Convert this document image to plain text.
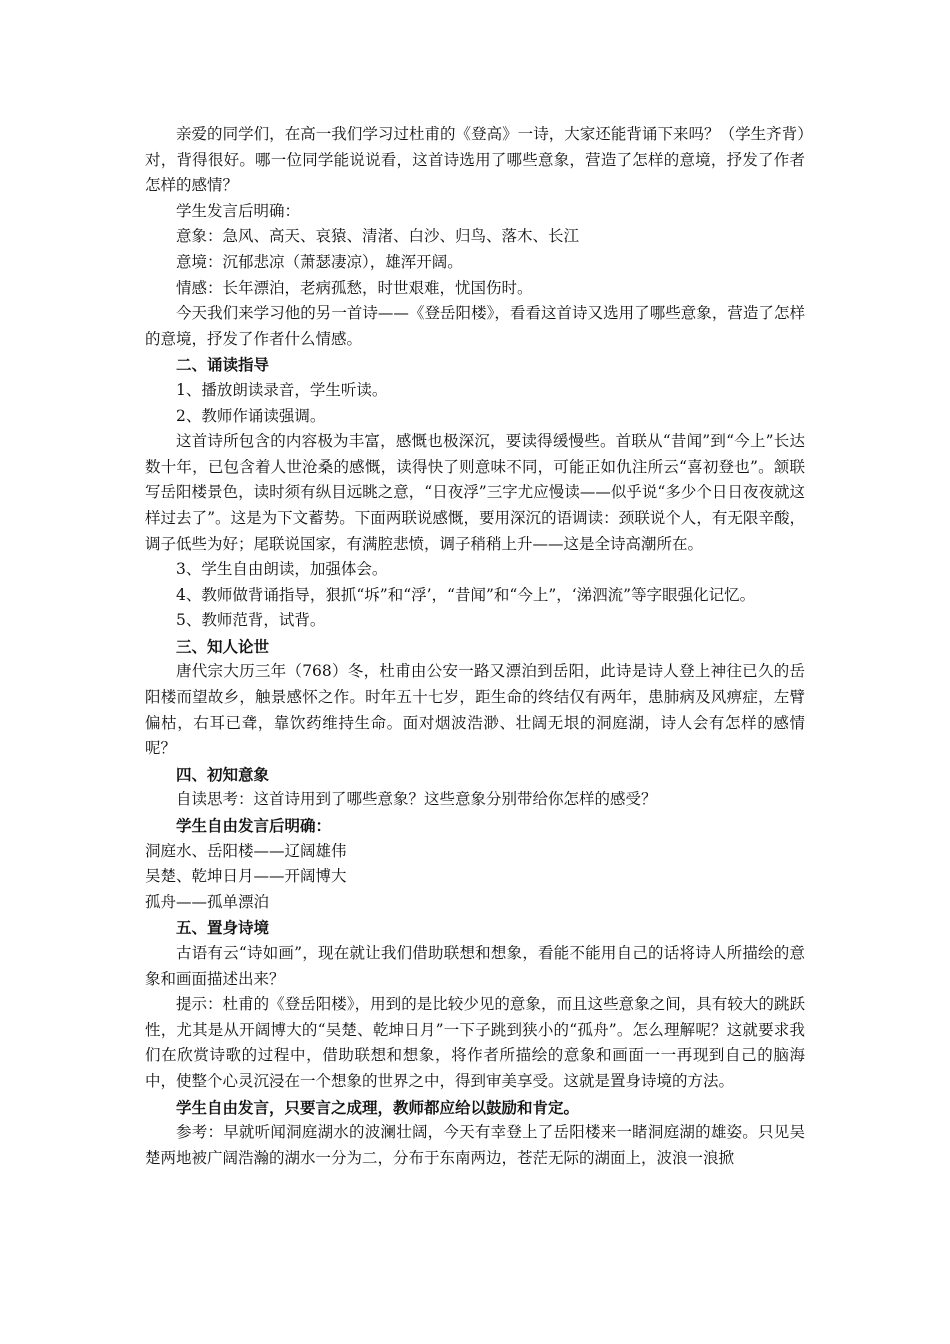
亲爱的同学们，在高一我们学习过杜甫的《登高》一诗，大家还能背诵下来吗？（学生齐背）对，背得很好。哪一位同学能说说看，这首诗选用了哪些意象，营造了怎样的意境，抒发了作者怎样的感情？

学生发言后明确：

意象：急风、高天、哀猿、清渚、白沙、归鸟、落木、长江

意境：沉郁悲凉（萧瑟凄凉），雄浑开阔。

情感：长年漂泊，老病孤愁，时世艰难，忧国伤时。

今天我们来学习他的另一首诗——《登岳阳楼》，看看这首诗又选用了哪些意象，营造了怎样的意境，抒发了作者什么情感。

二、诵读指导

1、播放朗读录音，学生听读。

2、教师作诵读强调。

这首诗所包含的内容极为丰富，感慨也极深沉，要读得缓慢些。首联从“昔闻”到“今上”长达数十年，已包含着人世沧桑的感慨，读得快了则意味不同，可能正如仇注所云“喜初登也”。颔联写岳阳楼景色，读时须有纵目远眺之意，“日夜浮”三字尤应慢读——似乎说“多少个日日夜夜就这样过去了”。这是为下文蓄势。下面两联说感慨，要用深沉的语调读：颈联说个人，有无限辛酸，调子低些为好；尾联说国家，有满腔悲愤，调子稍稍上升——这是全诗高潮所在。

3、学生自由朗读，加强体会。

4、教师做背诵指导，狠抓“坼”和“浮’，“昔闻”和“今上”，‘涕泗流”等字眼强化记忆。

5、教师范背，试背。

三、知人论世

唐代宗大历三年（768）冬，杜甫由公安一路又漂泊到岳阳，此诗是诗人登上神往已久的岳阳楼而望故乡，触景感怀之作。时年五十七岁，距生命的终结仅有两年，患肺病及风痹症，左臂偏枯，右耳已聋，靠饮药维持生命。面对烟波浩渺、壮阔无垠的洞庭湖，诗人会有怎样的感情呢？

四、初知意象

自读思考：这首诗用到了哪些意象？这些意象分别带给你怎样的感受？

学生自由发言后明确：

洞庭水、岳阳楼——辽阔雄伟

吴楚、乾坤日月——开阔博大

孤舟——孤单漂泊

五、置身诗境

古语有云“诗如画”，现在就让我们借助联想和想象，看能不能用自己的话将诗人所描绘的意象和画面描述出来？

提示：杜甫的《登岳阳楼》，用到的是比较少见的意象，而且这些意象之间，具有较大的跳跃性，尤其是从开阔博大的“吴楚、乾坤日月”一下子跳到狭小的“孤舟”。怎么理解呢？这就要求我们在欣赏诗歌的过程中，借助联想和想象，将作者所描绘的意象和画面一一再现到自己的脑海中，使整个心灵沉浸在一个想象的世界之中，得到审美享受。这就是置身诗境的方法。

学生自由发言，只要言之成理，教师都应给以鼓励和肯定。

参考：早就听闻洞庭湖水的波澜壮阔，今天有幸登上了岳阳楼来一睹洞庭湖的雄姿。只见吴楚两地被广阔浩瀚的湖水一分为二，分布于东南两边，苍茫无际的湖面上，波浪一浪掀
